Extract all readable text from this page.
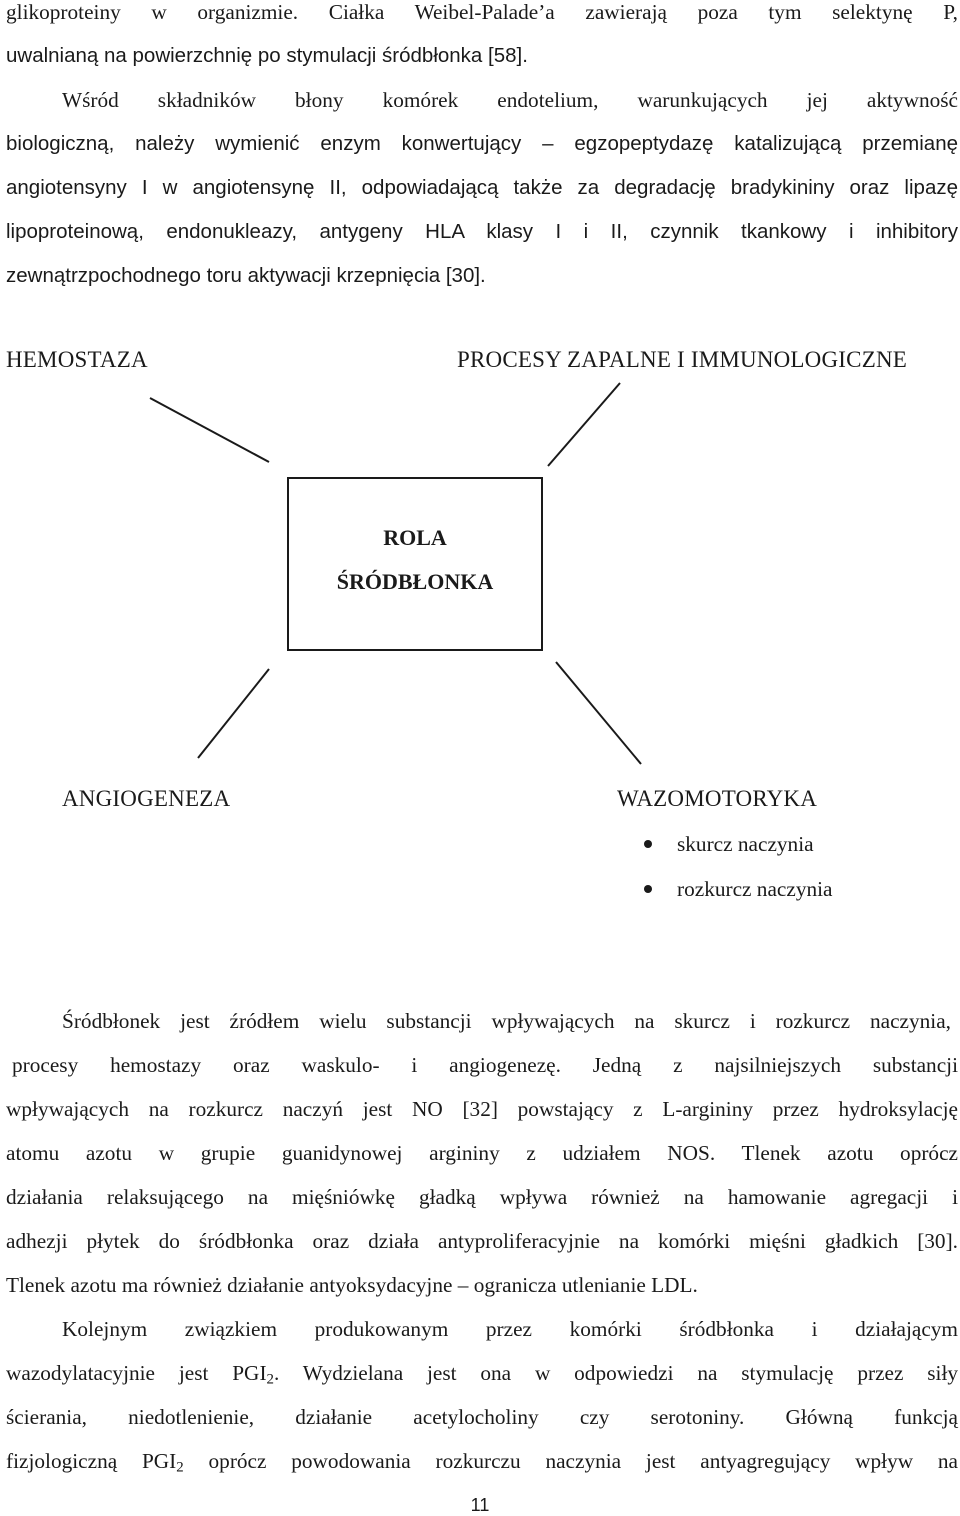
glikoproteiny w organizmie. Ciałka Weibel-Palade’a zawierają poza tym selektynę P,
uwalnianą na powierzchnię po stymulacji śródbłonka [58].
Wśród składników błony komórek endotelium, warunkujących jej aktywność
biologiczną, należy wymienić enzym konwertujący – egzopeptydazę katalizującą przemianę
angiotensyny I w angiotensynę II, odpowiadającą także za degradację bradykininy oraz lipazę
lipoproteinową, endonukleazy, antygeny HLA klasy I i II, czynnik tkankowy i inhibitory
zewnątrzpochodnego toru aktywacji krzepnięcia [30].
HEMOSTAZA	PROCESY ZAPALNE I IMMUNOLOGICZNE
ROLA
ŚRÓDBŁONKA
ANGIOGENEZA	WAZOMOTORYKA
skurcz naczynia
rozkurcz naczynia
Śródbłonek jest źródłem wielu substancji wpływających na skurcz i rozkurcz naczynia,
procesy hemostazy oraz waskulo- i angiogenezę. Jedną z najsilniejszych substancji
wpływających na rozkurcz naczyń jest NO [32] powstający z L-argininy przez hydroksylację
atomu azotu w grupie guanidynowej argininy z udziałem NOS. Tlenek azotu oprócz
działania relaksującego na mięśniówkę gładką wpływa również na hamowanie agregacji i
adhezji płytek do śródbłonka oraz działa antyproliferacyjnie na komórki mięśni gładkich [30].
Tlenek azotu ma również działanie antyoksydacyjne – ogranicza utlenianie LDL.
Kolejnym związkiem produkowanym przez komórki śródbłonka i działającym
wazodylatacyjnie jest $PGI_2$. Wydzielana jest ona w odpowiedzi na stymulację przez siły
ścierania, niedotlenienie, działanie acetylocholiny czy serotoniny. Główną funkcją
fizjologiczną $PGI_2$ oprócz powodowania rozkurczu naczynia jest antyagregujący wpływ na
11
